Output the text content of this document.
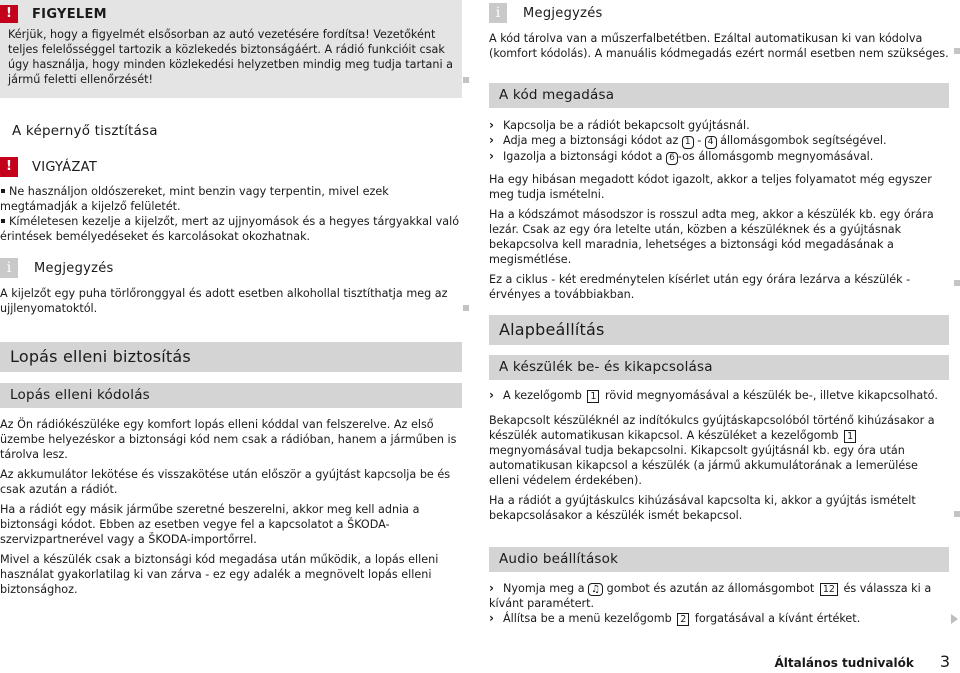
!	FIGYELEM

Kérjük, hogy a figyelmét elsősorban az autó vezetésére fordítsa! Vezetőként teljes felelősséggel tartozik a közlekedés biztonságáért. A rádió funkcióit csak úgy használja, hogy minden közlekedési helyzetben mindig meg tudja tartani a jármű feletti ellenőrzését!

A képernyő tisztítása
!	VIGYÁZAT

Ne használjon oldószereket, mint benzin vagy terpentin, mivel ezek megtámadják a kijelző felületét.

Kíméletesen kezelje a kijelzőt, mert az ujjnyomások és a hegyes tárgyakkal való érintések bemélyedéseket és karcolásokat okozhatnak.

i	Megjegyzés

A kijelzőt egy puha törlőronggyal és adott esetben alkohollal tisztíthatja meg az ujjlenyomatoktól.

Lopás elleni biztosítás
Lopás elleni kódolás

Az Ön rádiókészüléke egy komfort lopás elleni kóddal van felszerelve. Az első üzembe helyezéskor a biztonsági kód nem csak a rádióban, hanem a járműben is tárolva lesz.

Az akkumulátor lekötése és visszakötése után először a gyújtást kapcsolja be és csak azután a rádiót.

Ha a rádiót egy másik járműbe szeretné beszerelni, akkor meg kell adnia a biztonsági kódot. Ebben az esetben vegye fel a kapcsolatot a ŠKODA-szervizpartnerével vagy a ŠKODA-importőrrel.

Mivel a készülék csak a biztonsági kód megadása után működik, a lopás elleni használat gyakorlatilag ki van zárva - ez egy adalék a megnövelt lopás elleni biztonsághoz.

i	Megjegyzés

A kód tárolva van a műszerfalbetétben. Ezáltal automatikusan ki van kódolva (komfort kódolás). A manuális kódmegadás ezért normál esetben nem szükséges.

A kód megadása

› Kapcsolja be a rádiót bekapcsolt gyújtásnál.

› Adja meg a biztonsági kódot az 1 - 4 állomásgombok segítségével.

› Igazolja a biztonsági kódot a 6 -os állomásgomb megnyomásával.

Ha egy hibásan megadott kódot igazolt, akkor a teljes folyamatot még egyszer meg tudja ismételni.

Ha a kódszámot másodszor is rosszul adta meg, akkor a készülék kb. egy órára lezár. Csak az egy óra letelte után, közben a készüléknek és a gyújtásnak bekapcsolva kell maradnia, lehetséges a biztonsági kód megadásának a megismétlése.

Ez a ciklus - két eredménytelen kísérlet után egy órára lezárva a készülék - érvényes a továbbiakban.

Alapbeállítás
A készülék be- és kikapcsolása

› A kezelőgomb 1 rövid megnyomásával a készülék be-, illetve kikapcsolható.

Bekapcsolt készüléknél az indítókulcs gyújtáskapcsolóból történő kihúzásakor a készülék automatikusan kikapcsol. A készüléket a kezelőgomb 1 megnyomásával tudja bekapcsolni. Kikapcsolt gyújtásnál kb. egy óra után automatikusan kikapcsol a készülék (a jármű akkumulátorának a lemerülése elleni védelem érdekében).

Ha a rádiót a gyújtáskulcs kihúzásával kapcsolta ki, akkor a gyújtás ismételt bekapcsolásakor a készülék ismét bekapcsol.

Audio beállítások

› Nyomja meg a ♫ gombot és azután az állomásgombot 12 és válassza ki a kívánt paramétert.

› Állítsa be a menü kezelőgomb 2 forgatásával a kívánt értéket.

Általános tudnivalók 3
